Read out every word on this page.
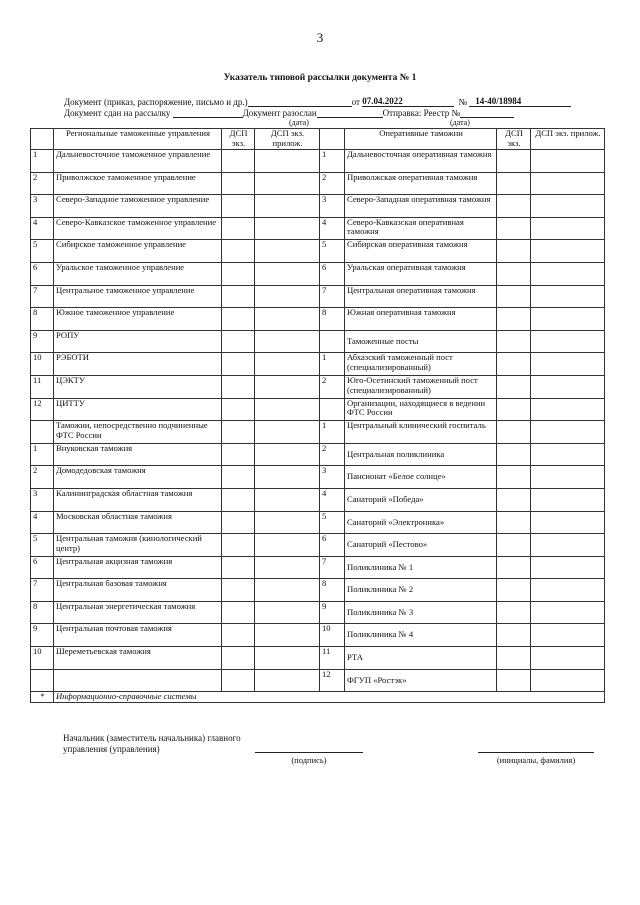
3
Указатель типовой рассылки документа № 1
Документ (приказ, распоряжение, письмо и др.)	от 07.04.2022	№ 14-40/18984
Документ сдан на рассылку	Документ разослан	Отправка: Реестр №
(дата)	(дата)
	Региональные таможенные управления	ДСП экз.	ДСП экз. прилож.		Оперативные таможни	ДСП экз.	ДСП экз. прилож.
1	Дальневосточное таможенное управление			1	Дальневосточная оперативная таможня		
2	Приволжское таможенное управление			2	Приволжская оперативная таможня		
3	Северо-Западное таможенное управление			3	Северо-Западная оперативная таможня		
4	Северо-Кавказское таможенное управление			4	Северо-Кавказская оперативная таможня		
5	Сибирское таможенное управление			5	Сибирская оперативная таможня		
6	Уральское таможенное управление			6	Уральская оперативная таможня		
7	Центральное таможенное управление			7	Центральная оперативная таможня		
8	Южное таможенное управление			8	Южная оперативная таможня		
9	РОПУ				Таможенные посты		
10	РЭБОТИ			1	Абхазский таможенный пост (специализированный)		
11	ЦЭКТУ			2	Юго-Осетинский таможенный пост (специализированный)		
12	ЦИТТУ				Организации, находящиеся в ведении ФТС России		
	Таможни, непосредственно подчиненные ФТС России			1	Центральный клинический госпиталь		
1	Внуковская таможня			2	Центральная поликлиника		
2	Домодедовская таможня			3	Пансионат «Белое солнце»		
3	Калининградская областная таможня			4	Санаторий «Победа»		
4	Московская областная таможня			5	Санаторий «Электроника»		
5	Центральная таможня (кинологический центр)			6	Санаторий «Пестово»		
6	Центральная акцизная таможня			7	Поликлиника № 1		
7	Центральная базовая таможня			8	Поликлиника № 2		
8	Центральная энергетическая таможня			9	Поликлиника № 3		
9	Центральная почтовая таможня			10	Поликлиника № 4		
10	Шереметьевская таможня			11	РТА		
				12	ФГУП «Ростэк»		
*	Информационно-справочные системы						
Начальник (заместитель начальника) главного управления (управления)
(подпись)	(инициалы, фамилия)
